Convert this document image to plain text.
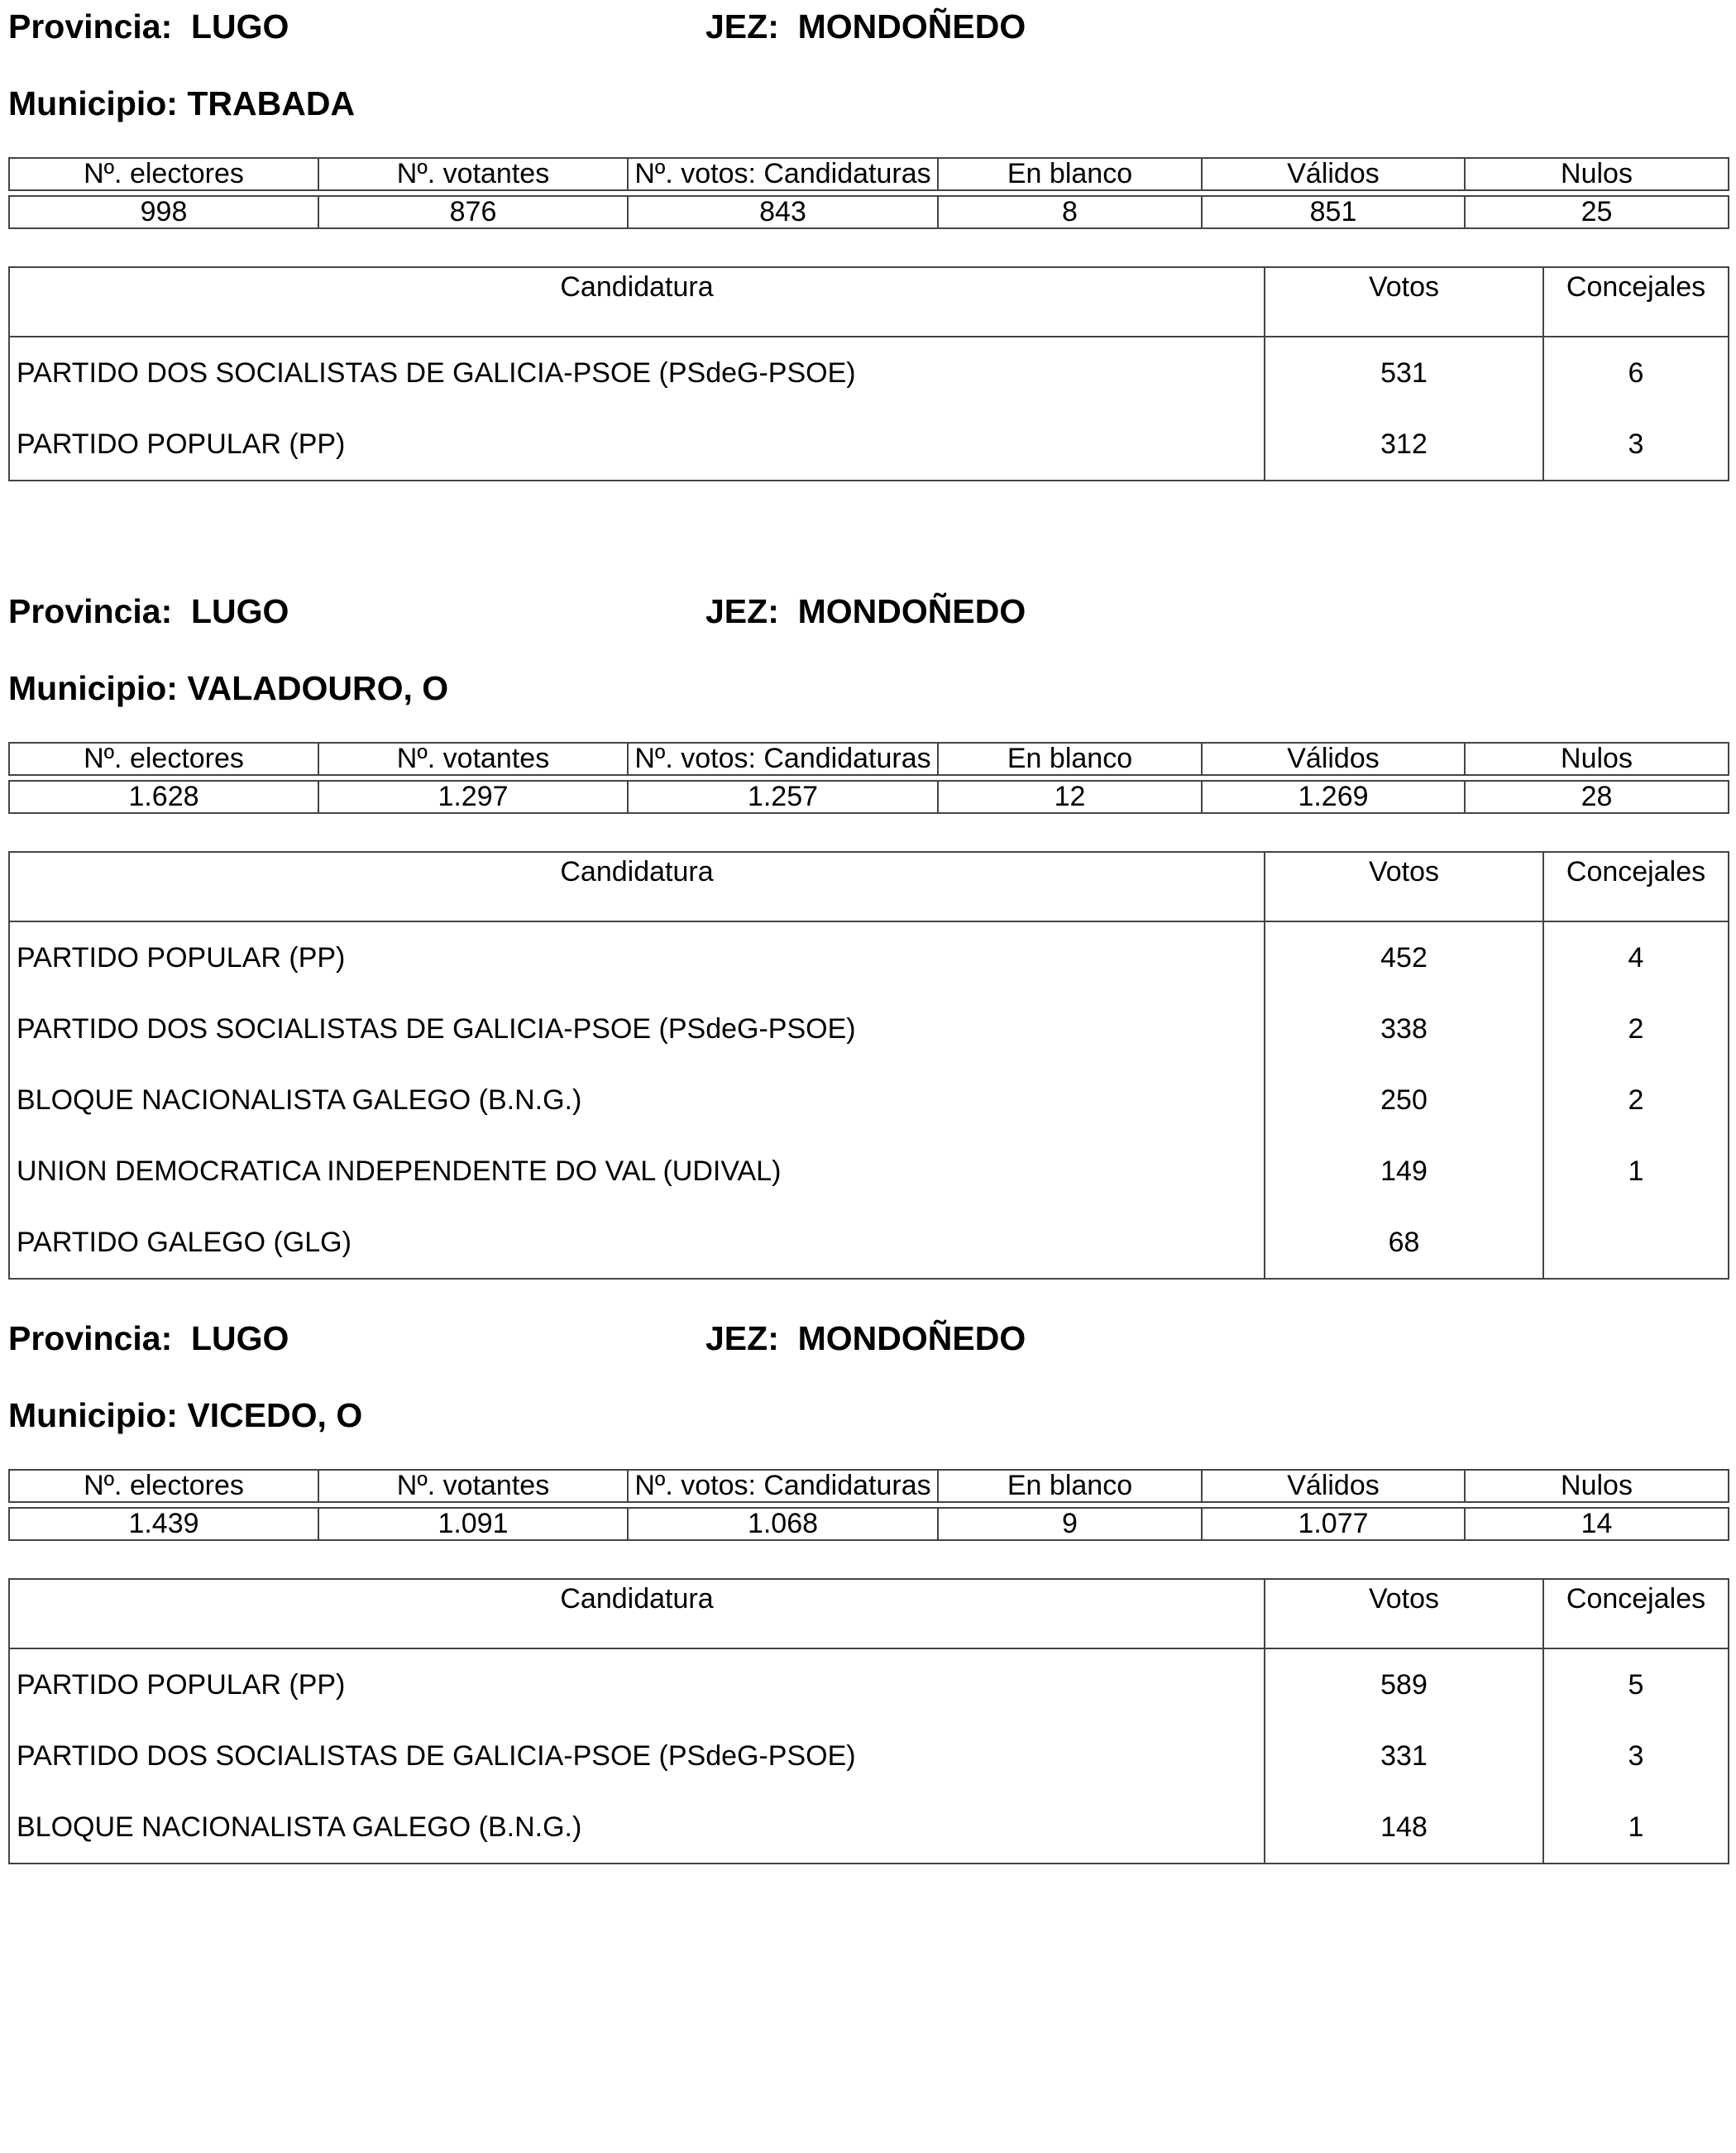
Provincia:  LUGO	JEZ:  MONDOÑEDO
Municipio: TRABADA
Nº. electores	Nº. votantes	Nº. votos: Candidaturas	En blanco	Válidos	Nulos

998	876	843	8	851	25
Candidatura	Votos	Concejales
PARTIDO DOS SOCIALISTAS DE GALICIA-PSOE (PSdeG-PSOE)	531	6
PARTIDO POPULAR (PP)	312	3
Provincia:  LUGO	JEZ:  MONDOÑEDO
Municipio: VALADOURO, O
Nº. electores	Nº. votantes	Nº. votos: Candidaturas	En blanco	Válidos	Nulos

1.628	1.297	1.257	12	1.269	28
Candidatura	Votos	Concejales
PARTIDO POPULAR (PP)	452	4
PARTIDO DOS SOCIALISTAS DE GALICIA-PSOE (PSdeG-PSOE)	338	2
BLOQUE NACIONALISTA GALEGO (B.N.G.)	250	2
UNION DEMOCRATICA INDEPENDENTE DO VAL (UDIVAL)	149	1
PARTIDO GALEGO (GLG)	68	
Provincia:  LUGO	JEZ:  MONDOÑEDO
Municipio: VICEDO, O
Nº. electores	Nº. votantes	Nº. votos: Candidaturas	En blanco	Válidos	Nulos

1.439	1.091	1.068	9	1.077	14
Candidatura	Votos	Concejales
PARTIDO POPULAR (PP)	589	5
PARTIDO DOS SOCIALISTAS DE GALICIA-PSOE (PSdeG-PSOE)	331	3
BLOQUE NACIONALISTA GALEGO (B.N.G.)	148	1
